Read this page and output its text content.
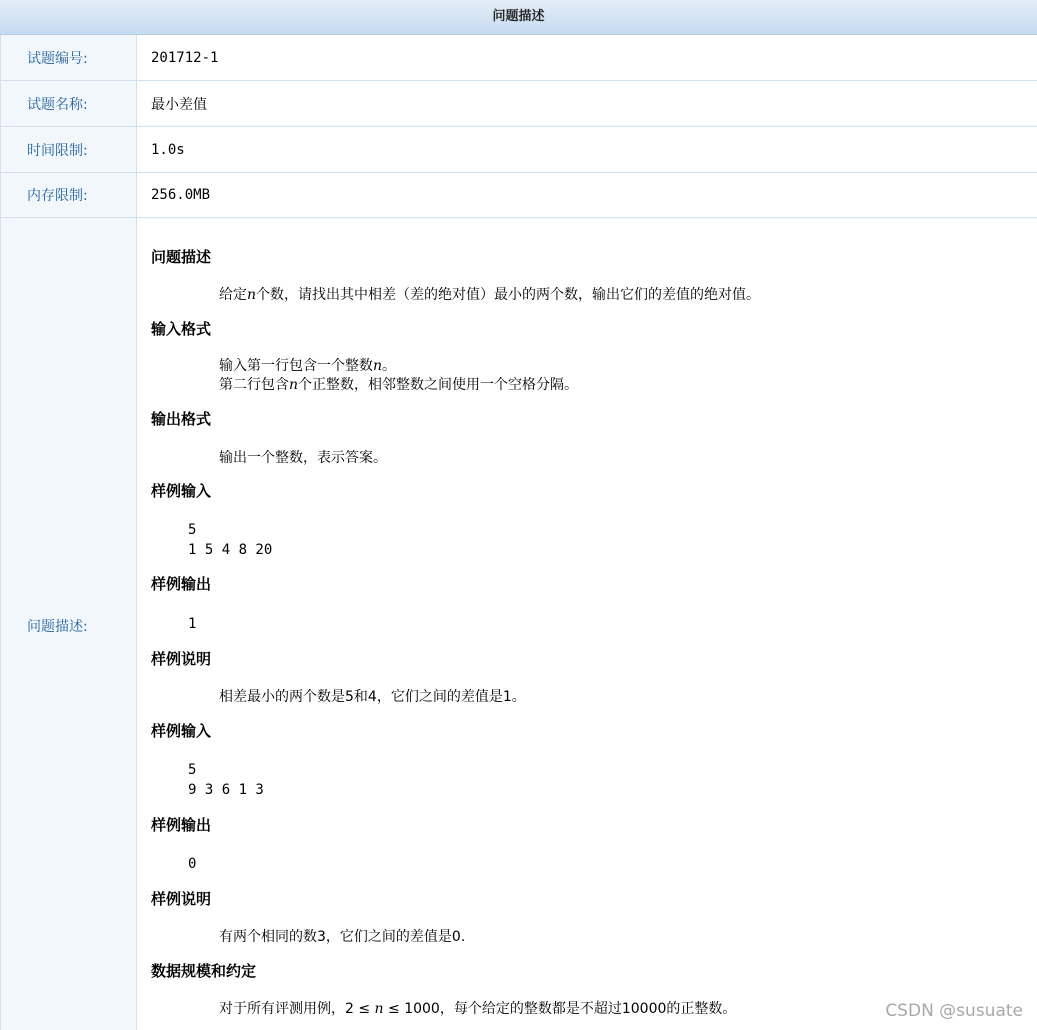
问题描述
试题编号:	201712-1
试题名称:	最小差值
时间限制:	1.0s
内存限制:	256.0MB
问题描述:
问题描述
给定n个数，请找出其中相差（差的绝对值）最小的两个数，输出它们的差值的绝对值。
输入格式
输入第一行包含一个整数n。
第二行包含n个正整数，相邻整数之间使用一个空格分隔。
输出格式
输出一个整数，表示答案。
样例输入
5
1 5 4 8 20
样例输出
1
样例说明
相差最小的两个数是5和4，它们之间的差值是1。
样例输入
5
9 3 6 1 3
样例输出
0
样例说明
有两个相同的数3，它们之间的差值是0.
数据规模和约定
对于所有评测用例，2 ≤ n ≤ 1000，每个给定的整数都是不超过10000的正整数。	CSDN @susuate
